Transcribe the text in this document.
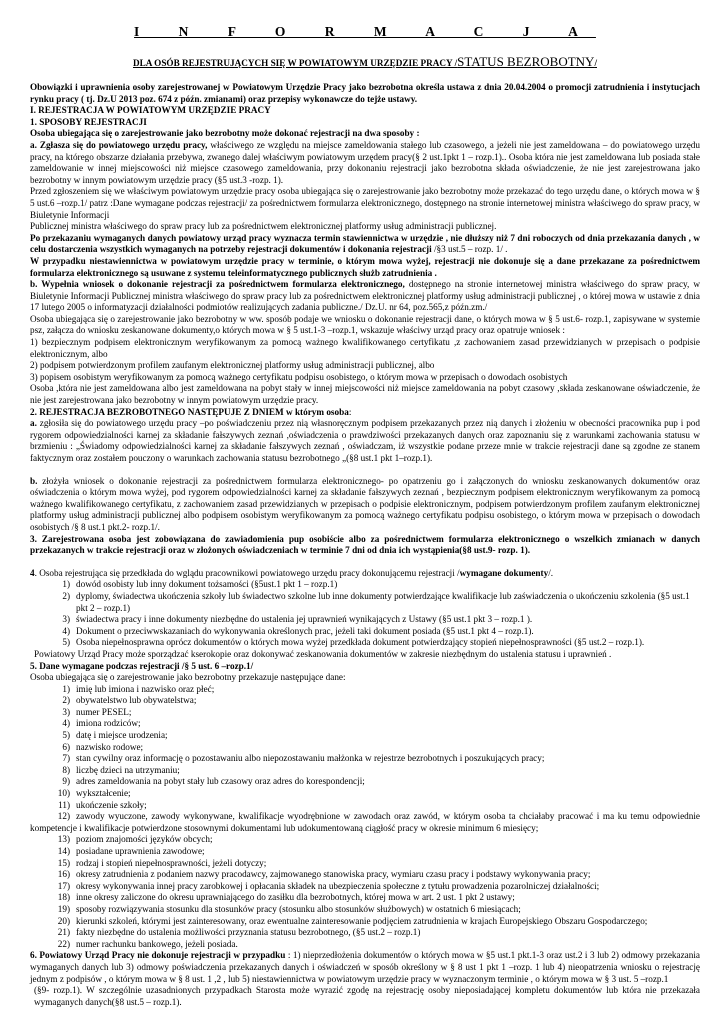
I N F O R M A C J A
DLA OSÓB REJESTRUJĄCYCH SIĘ W POWIATOWYM URZĘDZIE PRACY /STATUS BEZROBOTNY/

Obowiązki i uprawnienia osoby zarejestrowanej w Powiatowym Urzędzie Pracy jako bezrobotna określa ustawa z dnia 20.04.2004 o promocji zatrudnienia i instytucjach rynku pracy ( tj. Dz.U 2013 poz. 674 z późn. zmianami) oraz przepisy wykonawcze do tejże ustawy.

I. REJESTRACJA W POWIATOWYM URZĘDZIE PRACY

1. SPOSOBY REJESTRACJI

Osoba ubiegająca się o zarejestrowanie jako bezrobotny może dokonać rejestracji na dwa sposoby :

a. Zgłasza się do powiatowego urzędu pracy, właściwego ze względu na miejsce zameldowania stałego lub czasowego, a jeżeli nie jest zameldowana – do powiatowego urzędu pracy, na którego obszarze działania przebywa, zwanego dalej właściwym powiatowym urzędem pracy(§ 2 ust.1pkt 1 – rozp.1).. Osoba która nie jest zameldowana lub posiada stałe zameldowanie w innej miejscowości niż miejsce czasowego zameldowania, przy dokonaniu rejestracji jako bezrobotna składa oświadczenie, że nie jest zarejestrowana jako bezrobotny w innym powiatowym urzędzie pracy (§5 ust.3 -rozp. 1).

Przed zgłoszeniem się we właściwym powiatowym urzędzie pracy osoba ubiegająca się o zarejestrowanie jako bezrobotny może przekazać do tego urzędu dane, o których mowa w § 5 ust.6 –rozp.1/ patrz :Dane wymagane podczas rejestracji/ za pośrednictwem formularza elektronicznego, dostępnego na stronie internetowej ministra właściwego do spraw pracy, w Biuletynie Informacji

Publicznej ministra właściwego do spraw pracy lub za pośrednictwem elektronicznej platformy usług administracji publicznej.

Po przekazaniu wymaganych danych powiatowy urząd pracy wyznacza termin stawiennictwa w urzędzie , nie dłuższy niż 7 dni roboczych od dnia przekazania danych , w celu dostarczenia wszystkich wymaganych na potrzeby rejestracji dokumentów i dokonania rejestracji /§3 ust.5 – rozp. 1/ .

W przypadku niestawiennictwa w powiatowym urzędzie pracy w terminie, o którym mowa wyżej, rejestracji nie dokonuje się a dane przekazane za pośrednictwem formularza elektronicznego są usuwane z systemu teleinformatycznego publicznych służb zatrudnienia .

b. Wypełnia wniosek o dokonanie rejestracji za pośrednictwem formularza elektronicznego, dostępnego na stronie internetowej ministra właściwego do spraw pracy, w Biuletynie Informacji Publicznej ministra właściwego do spraw pracy lub za pośrednictwem elektronicznej platformy usług administracji publicznej , o której mowa w ustawie z dnia 17 lutego 2005 o informatyzacji działalności podmiotów realizujących zadania publiczne./ Dz.U. nr 64, poz.565,z późn.zm./

Osoba ubiegająca się o zarejestrowanie jako bezrobotny w ww. sposób podaje we wniosku o dokonanie rejestracji dane, o których mowa w § 5 ust.6- rozp.1, zapisywane w systemie psz, załącza do wniosku zeskanowane dokumenty,o których mowa w § 5 ust.1-3 –rozp.1, wskazuje właściwy urząd pracy oraz opatruje wniosek :

1) bezpiecznym podpisem elektronicznym weryfikowanym za pomocą ważnego kwalifikowanego certyfikatu ,z zachowaniem zasad przewidzianych w przepisach o podpisie elektronicznym, albo

2) podpisem potwierdzonym profilem zaufanym elektronicznej platformy usług administracji publicznej, albo

3) popisem osobistym weryfikowanym za pomocą ważnego certyfikatu podpisu osobistego, o którym mowa w przepisach o dowodach osobistych

Osoba ,która nie jest zameldowana albo jest zameldowana na pobyt stały w innej miejscowości niż miejsce zameldowania na pobyt czasowy ,składa zeskanowane oświadczenie, że nie jest zarejestrowana jako bezrobotny w innym powiatowym urzędzie pracy.

2. REJESTRACJA BEZROBOTNEGO NASTĘPUJE Z DNIEM w którym osoba:

a. zgłosiła się do powiatowego urzędu pracy –po poświadczeniu przez nią własnoręcznym podpisem przekazanych przez nią danych i złożeniu w obecności pracownika pup i pod rygorem odpowiedzialności karnej za składanie fałszywych zeznań ,oświadczenia o prawdziwości przekazanych danych oraz zapoznaniu się z warunkami zachowania statusu w brzmieniu : „Świadomy odpowiedzialności karnej za składanie fałszywych zeznań , oświadczam, iż wszystkie podane przeze mnie w trakcie rejestracji dane są zgodne ze stanem faktycznym oraz zostałem pouczony o warunkach zachowania statusu bezrobotnego „(§8 ust.1 pkt 1–rozp.1).

b. złożyła wniosek o dokonanie rejestracji za pośrednictwem formularza elektronicznego- po opatrzeniu go i załączonych do wniosku zeskanowanych dokumentów oraz oświadczenia o którym mowa wyżej, pod rygorem odpowiedzialności karnej za składanie fałszywych zeznań , bezpiecznym podpisem elektronicznym weryfikowanym za pomocą ważnego kwalifikowanego certyfikatu, z zachowaniem zasad przewidzianych w przepisach o podpisie elektronicznym, podpisem potwierdzonym profilem zaufanym elektronicznej platformy usług administracji publicznej albo podpisem osobistym weryfikowanym za pomocą ważnego certyfikatu podpisu osobistego, o którym mowa w przepisach o dowodach osobistych /§ 8 ust.1 pkt.2- rozp.1/.

3. Zarejestrowana osoba jest zobowiązana do zawiadomienia pup osobiście albo za pośrednictwem formularza elektronicznego o wszelkich zmianach w danych przekazanych w trakcie rejestracji oraz w złożonych oświadczeniach w terminie 7 dni od dnia ich wystąpienia(§8 ust.9- rozp. 1).

4. Osoba rejestrująca się przedkłada do wglądu pracownikowi powiatowego urzędu pracy dokonującemu rejestracji /wymagane dokumenty/.

1) dowód osobisty lub inny dokument tożsamości (§5ust.1 pkt 1 – rozp.1)
2) dyplomy, świadectwa ukończenia szkoły lub świadectwo szkolne lub inne dokumenty potwierdzające kwalifikacje lub zaświadczenia o ukończeniu szkolenia (§5 ust.1 pkt 2 – rozp.1)
3) świadectwa pracy i inne dokumenty niezbędne do ustalenia jej uprawnień wynikających z Ustawy (§5 ust.1 pkt 3 – rozp.1 ).
4) Dokument o przeciwwskazaniach do wykonywania określonych prac, jeżeli taki dokument posiada (§5 ust.1 pkt 4 – rozp.1).
5) Osoba niepełnosprawna oprócz dokumentów o których mowa wyżej przedkłada dokument potwierdzający stopień niepełnosprawności (§5 ust.2 – rozp.1).

Powiatowy Urząd Pracy może sporządzać kserokopie oraz dokonywać zeskanowania dokumentów w zakresie niezbędnym do ustalenia statusu i uprawnień .

5. Dane wymagane podczas rejestracji /§ 5 ust. 6 –rozp.1/

Osoba ubiegająca się o zarejestrowanie jako bezrobotny przekazuje następujące dane:

1) imię lub imiona i nazwisko oraz płeć;
2) obywatelstwo lub obywatelstwa;
3) numer PESEL;
4) imiona rodziców;
5) datę i miejsce urodzenia;
6) nazwisko rodowe;
7) stan cywilny oraz informację o pozostawaniu albo niepozostawaniu małżonka w rejestrze bezrobotnych i poszukujących pracy;
8) liczbę dzieci na utrzymaniu;
9) adres zameldowania na pobyt stały lub czasowy oraz adres do korespondencji;
10) wykształcenie;
11) ukończenie szkoły;

12) zawody wyuczone, zawody wykonywane, kwalifikacje wyodrębnione w zawodach oraz zawód, w którym osoba ta chciałaby pracować i ma ku temu odpowiednie kompetencje i kwalifikacje potwierdzone stosownymi dokumentami lub udokumentowaną ciągłość pracy w okresie minimum 6 miesięcy;

13) poziom znajomości języków obcych;
14) posiadane uprawnienia zawodowe;
15) rodzaj i stopień niepełnosprawności, jeżeli dotyczy;
16) okresy zatrudnienia z podaniem nazwy pracodawcy, zajmowanego stanowiska pracy, wymiaru czasu pracy i podstawy wykonywania pracy;
17) okresy wykonywania innej pracy zarobkowej i opłacania składek na ubezpieczenia społeczne z tytułu prowadzenia pozarolniczej działalności;
18) inne okresy zaliczone do okresu uprawniającego do zasiłku dla bezrobotnych, której mowa w art. 2 ust. 1 pkt 2 ustawy;
19) sposoby rozwiązywania stosunku dla stosunków pracy (stosunku albo stosunków służbowych) w ostatnich 6 miesiącach;
20) kierunki szkoleń, którymi jest zainteresowany, oraz ewentualne zainteresowanie podjęciem zatrudnienia w krajach Europejskiego Obszaru Gospodarczego;
21) fakty niezbędne do ustalenia możliwości przyznania statusu bezrobotnego, (§5 ust.2 – rozp.1)
22) numer rachunku bankowego, jeżeli posiada.

6. Powiatowy Urząd Pracy nie dokonuje rejestracji w przypadku : 1) nieprzedłożenia dokumentów o których mowa w §5 ust.1 pkt.1-3 oraz ust.2 i 3 lub 2) odmowy przekazania wymaganych danych lub 3) odmowy poświadczenia przekazanych danych i oświadczeń w sposób określony w § 8 ust 1 pkt 1 –rozp. 1 lub 4) nieopatrzenia wniosku o rejestrację jednym z podpisów , o którym mowa w § 8 ust. 1 ,2 , lub 5) niestawiennictwa w powiatowym urzędzie pracy w wyznaczonym terminie , o którym mowa w § 3 ust. 5 –rozp.1

(§9- rozp.1). W szczególnie uzasadnionych przypadkach Starosta może wyrazić zgodę na rejestrację osoby nieposiadającej kompletu dokumentów lub która nie przekazała wymaganych danych(§8 ust.5 – rozp.1).
